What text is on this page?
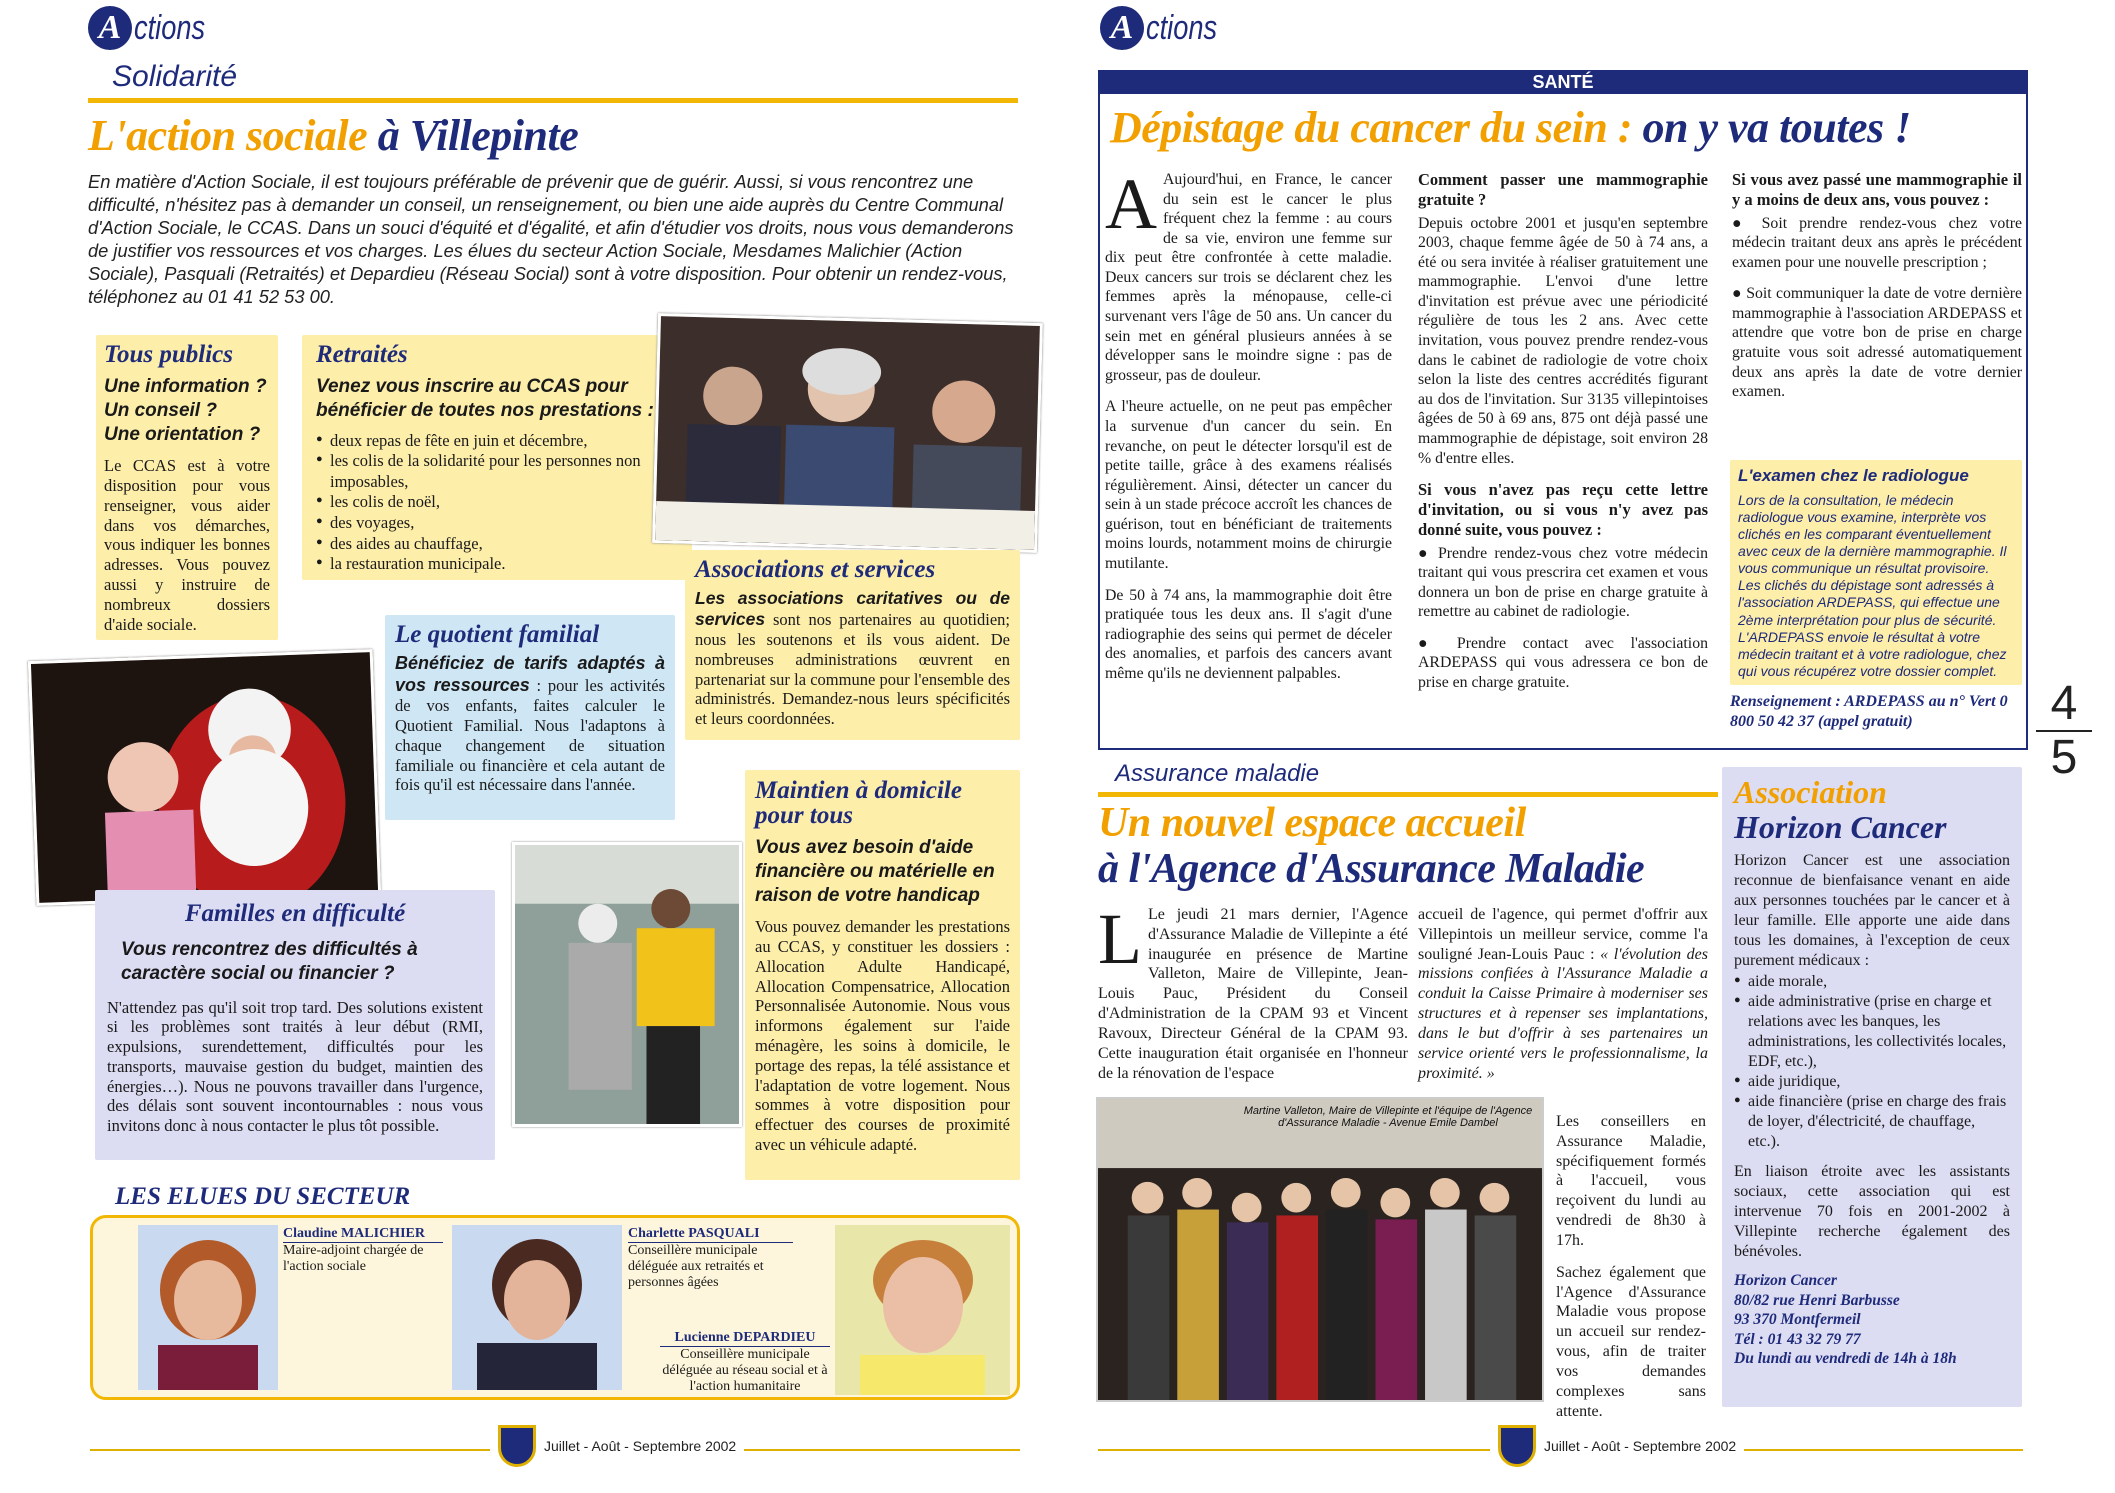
A ctions
Solidarité
L'action sociale à Villepinte
En matière d'Action Sociale, il est toujours préférable de prévenir que de guérir. Aussi, si vous rencontrez une difficulté, n'hésitez pas à demander un conseil, un renseignement, ou bien une aide auprès du Centre Communal d'Action Sociale, le CCAS. Dans un souci d'équité et d'égalité, et afin d'étudier vos droits, nous vous demanderons de justifier vos ressources et vos charges. Les élues du secteur Action Sociale, Mesdames Malichier (Action Sociale), Pasquali (Retraités) et Depardieu (Réseau Social) sont à votre disposition. Pour obtenir un rendez-vous, téléphonez au 01 41 52 53 00.
Tous publics
Une information ?
Un conseil ?
Une orientation ?
Le CCAS est à votre disposition pour vous renseigner, vous aider dans vos démarches, vous indiquer les bonnes adresses. Vous pouvez aussi y instruire de nombreux dossiers d'aide sociale.
Retraités
Venez vous inscrire au CCAS pour bénéficier de toutes nos prestations :
● deux repas de fête en juin et décembre,
● les colis de la solidarité pour les personnes non imposables,
● les colis de noël,
● des voyages,
● des aides au chauffage,
● la restauration municipale.	Associations et services
Les associations caritatives ou de services sont nos partenaires au quotidien; nous les soutenons et ils vous aident. De nombreuses administrations œuvrent en partenariat sur la commune pour l'ensemble des administrés. Demandez-nous leurs spécificités et leurs coordonnées.
Le quotient familial
Bénéficiez de tarifs adaptés à vos ressources : pour les activités de vos enfants, faites calculer le Quotient Familial. Nous l'adaptons à chaque changement de situation familiale ou financière et cela autant de fois qu'il est nécessaire dans l'année.	Maintien à domicile pour tous
Vous avez besoin d'aide financière ou matérielle en raison de votre handicap
Vous pouvez demander les prestations au CCAS, y constituer les dossiers : Allocation Adulte Handicapé, Allocation Compensatrice, Allocation Personnalisée Autonomie. Nous vous informons également sur l'aide ménagère, les soins à domicile, le portage des repas, la télé assistance et l'adaptation de votre logement. Nous sommes à votre disposition pour effectuer des courses de proximité avec un véhicule adapté.
Familles en difficulté
Vous rencontrez des difficultés à caractère social ou financier ?
N'attendez pas qu'il soit trop tard. Des solutions existent si les problèmes sont traités à leur début (RMI, expulsions, surendettement, difficultés pour les transports, mauvaise gestion du budget, maintien des énergies…). Nous ne pouvons travailler dans l'urgence, des délais sont souvent incontournables : nous vous invitons donc à nous contacter le plus tôt possible.
LES ELUES DU SECTEUR
Claudine MALICHIER
Maire-adjoint chargée de l'action sociale
Charlette PASQUALI
Conseillère municipale déléguée aux retraités et personnes âgées
Lucienne DEPARDIEU
Conseillère municipale déléguée au réseau social et à l'action humanitaire
Juillet - Août - Septembre 2002
A ctions
SANTÉ
Dépistage du cancer du sein : on y va toutes !

A Aujourd'hui, en France, le cancer du sein est le cancer le plus fréquent chez la femme : au cours de sa vie, environ une femme sur dix peut être confrontée à cette maladie. Deux cancers sur trois se déclarent chez les femmes après la ménopause, celle-ci survenant vers l'âge de 50 ans. Un cancer du sein met en général plusieurs années à se développer sans le moindre signe : pas de grosseur, pas de douleur.

A l'heure actuelle, on ne peut pas empêcher la survenue d'un cancer du sein. En revanche, on peut le détecter lorsqu'il est de petite taille, grâce à des examens réalisés régulièrement. Ainsi, détecter un cancer du sein à un stade précoce accroît les chances de guérison, tout en bénéficiant de traitements moins lourds, notamment moins de chirurgie mutilante.

De 50 à 74 ans, la mammographie doit être pratiquée tous les deux ans. Il s'agit d'une radiographie des seins qui permet de déceler des anomalies, et parfois des cancers avant même qu'ils ne deviennent palpables.

Comment passer une mammographie gratuite ?

Depuis octobre 2001 et jusqu'en septembre 2003, chaque femme âgée de 50 à 74 ans, a été ou sera invitée à réaliser gratuitement une mammographie. L'envoi d'une lettre d'invitation est prévue avec une périodicité régulière de tous les 2 ans. Avec cette invitation, vous pouvez prendre rendez-vous dans le cabinet de radiologie de votre choix selon la liste des centres accrédités figurant au dos de l'invitation. Sur 3135 villepintoises âgées de 50 à 69 ans, 875 ont déjà passé une mammographie de dépistage, soit environ 28 % d'entre elles.

Si vous n'avez pas reçu cette lettre d'invitation, ou si vous n'y avez pas donné suite, vous pouvez :

● Prendre rendez-vous chez votre médecin traitant qui vous prescrira cet examen et vous donnera un bon de prise en charge gratuite à remettre au cabinet de radiologie.

● Prendre contact avec l'association ARDEPASS qui vous adressera ce bon de prise en charge gratuite.

Si vous avez passé une mammographie il y a moins de deux ans, vous pouvez :

● Soit prendre rendez-vous chez votre médecin traitant deux ans après le précédent examen pour une nouvelle prescription ;

● Soit communiquer la date de votre dernière mammographie à l'association ARDEPASS et attendre que votre bon de prise en charge gratuite vous soit adressé automatiquement deux ans après la date de votre dernier examen.

L'examen chez le radiologue
Lors de la consultation, le médecin radiologue vous examine, interprète vos clichés en les comparant éventuellement avec ceux de la dernière mammographie. Il vous communique un résultat provisoire. Les clichés du dépistage sont adressés à l'association ARDEPASS, qui effectue une 2ème interprétation pour plus de sécurité. L'ARDEPASS envoie le résultat à votre médecin traitant et à votre radiologue, chez qui vous récupérez votre dossier complet.
Renseignement : ARDEPASS au n° Vert 0 800 50 42 37 (appel gratuit)	4
5
Assurance maladie
Un nouvel espace accueil
à l'Agence d'Assurance Maladie
L Le jeudi 21 mars dernier, l'Agence d'Assurance Maladie de Villepinte a été inaugurée en présence de Martine Valleton, Maire de Villepinte, Jean-Louis Pauc, Président du Conseil d'Administration de la CPAM 93 et Vincent Ravoux, Directeur Général de la CPAM 93. Cette inauguration était organisée en l'honneur de la rénovation de l'espace
accueil de l'agence, qui permet d'offrir aux Villepintois un meilleur service, comme l'a souligné Jean-Louis Pauc : « l'évolution des missions confiées à l'Assurance Maladie a conduit la Caisse Primaire à moderniser ses structures et à repenser ses implantations, dans le but d'offrir à ses partenaires un service orienté vers le professionnalisme, la proximité. »
Martine Valleton, Maire de Villepinte et l'équipe de l'Agence d'Assurance Maladie - Avenue Emile Dambel	Les conseillers en Assurance Maladie, spécifiquement formés à l'accueil, vous reçoivent du lundi au vendredi de 8h30 à 17h.

Sachez également que l'Agence d'Assurance Maladie vous propose un accueil sur rendez-vous, afin de traiter vos demandes complexes sans attente.

Association
Horizon Cancer
Horizon Cancer est une association reconnue de bienfaisance venant en aide aux personnes touchées par le cancer et à leur famille. Elle apporte une aide dans tous les domaines, à l'exception de ceux purement médicaux :
● aide morale,
● aide administrative (prise en charge et relations avec les banques, les administrations, les collectivités locales, EDF, etc.),
● aide juridique,
● aide financière (prise en charge des frais de loyer, d'électricité, de chauffage, etc.).
En liaison étroite avec les assistants sociaux, cette association qui est intervenue 70 fois en 2001-2002 à Villepinte recherche également des bénévoles.
Horizon Cancer
80/82 rue Henri Barbusse
93 370 Montfermeil
Tél : 01 43 32 79 77
Du lundi au vendredi de 14h à 18h
Juillet - Août - Septembre 2002
